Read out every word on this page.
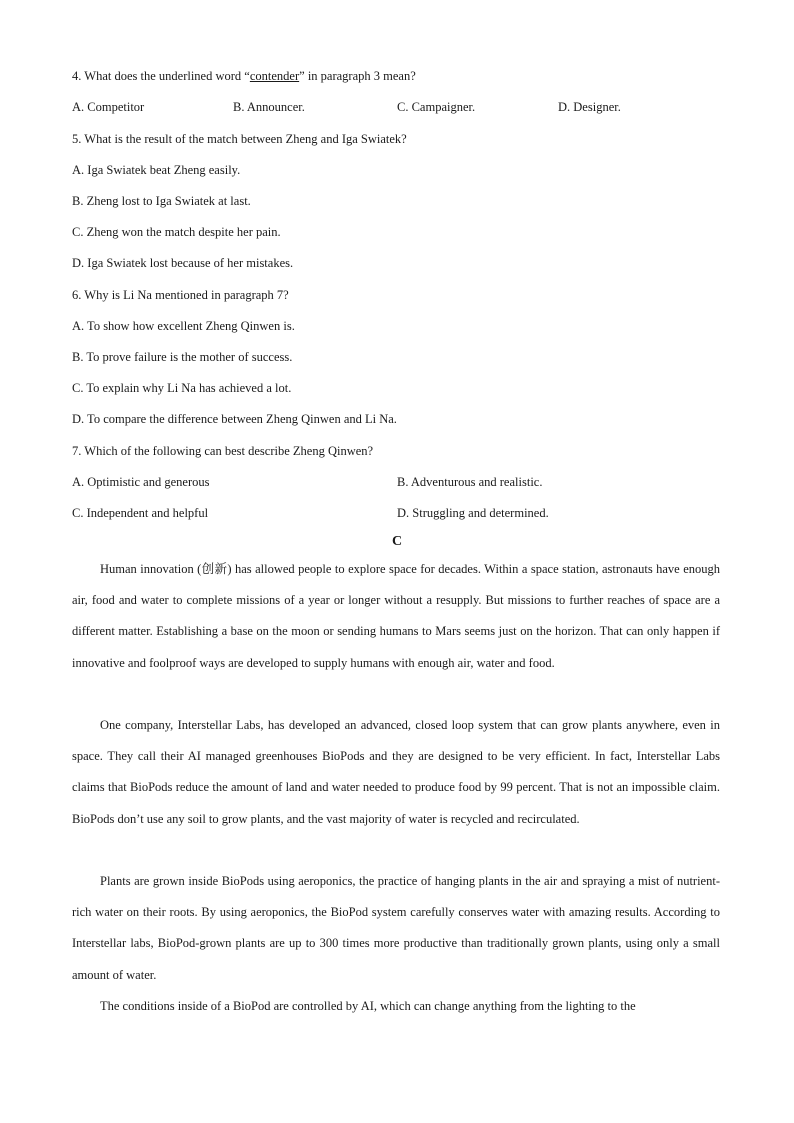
4. What does the underlined word “contender” in paragraph 3 mean?
A. Competitor	B. Announcer.	C. Campaigner.	D. Designer.
5. What is the result of the match between Zheng and Iga Swiatek?
A. Iga Swiatek beat Zheng easily.
B. Zheng lost to Iga Swiatek at last.
C. Zheng won the match despite her pain.
D. Iga Swiatek lost because of her mistakes.
6. Why is Li Na mentioned in paragraph 7?
A. To show how excellent Zheng Qinwen is.
B. To prove failure is the mother of success.
C. To explain why Li Na has achieved a lot.
D. To compare the difference between Zheng Qinwen and Li Na.
7. Which of the following can best describe Zheng Qinwen?
A. Optimistic and generous	B. Adventurous and realistic.
C. Independent and helpful	D. Struggling and determined.
C

Human innovation (创新) has allowed people to explore space for decades. Within a space station, astronauts have enough air, food and water to complete missions of a year or longer without a resupply. But missions to further reaches of space are a different matter. Establishing a base on the moon or sending humans to Mars seems just on the horizon. That can only happen if innovative and foolproof ways are developed to supply humans with enough air, water and food.

One company, Interstellar Labs, has developed an advanced, closed loop system that can grow plants anywhere, even in space. They call their AI managed greenhouses BioPods and they are designed to be very efficient. In fact, Interstellar Labs claims that BioPods reduce the amount of land and water needed to produce food by 99 percent. That is not an impossible claim. BioPods don’t use any soil to grow plants, and the vast majority of water is recycled and recirculated.

Plants are grown inside BioPods using aeroponics, the practice of hanging plants in the air and spraying a mist of nutrient-rich water on their roots. By using aeroponics, the BioPod system carefully conserves water with amazing results. According to Interstellar labs, BioPod-grown plants are up to 300 times more productive than traditionally grown plants, using only a small amount of water.

The conditions inside of a BioPod are controlled by AI, which can change anything from the lighting to the
